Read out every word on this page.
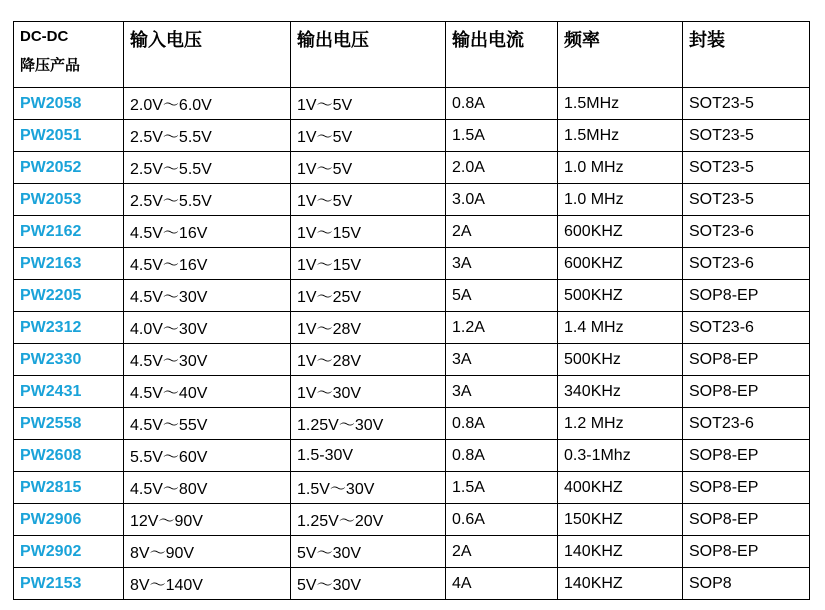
DC-DC
降压产品	输入电压	输出电压	输出电流	频率	封装
PW2058	2.0V～6.0V	1V～5V	0.8A	1.5MHz	SOT23-5
PW2051	2.5V～5.5V	1V～5V	1.5A	1.5MHz	SOT23-5
PW2052	2.5V～5.5V	1V～5V	2.0A	1.0 MHz	SOT23-5
PW2053	2.5V～5.5V	1V～5V	3.0A	1.0 MHz	SOT23-5
PW2162	4.5V～16V	1V～15V	2A	600KHZ	SOT23-6
PW2163	4.5V～16V	1V～15V	3A	600KHZ	SOT23-6
PW2205	4.5V～30V	1V～25V	5A	500KHZ	SOP8-EP
PW2312	4.0V～30V	1V～28V	1.2A	1.4 MHz	SOT23-6
PW2330	4.5V～30V	1V～28V	3A	500KHz	SOP8-EP
PW2431	4.5V～40V	1V～30V	3A	340KHz	SOP8-EP
PW2558	4.5V～55V	1.25V～30V	0.8A	1.2 MHz	SOT23-6
PW2608	5.5V～60V	1.5-30V	0.8A	0.3-1Mhz	SOP8-EP
PW2815	4.5V～80V	1.5V～30V	1.5A	400KHZ	SOP8-EP
PW2906	12V～90V	1.25V～20V	0.6A	150KHZ	SOP8-EP
PW2902	8V～90V	5V～30V	2A	140KHZ	SOP8-EP
PW2153	8V～140V	5V～30V	4A	140KHZ	SOP8
